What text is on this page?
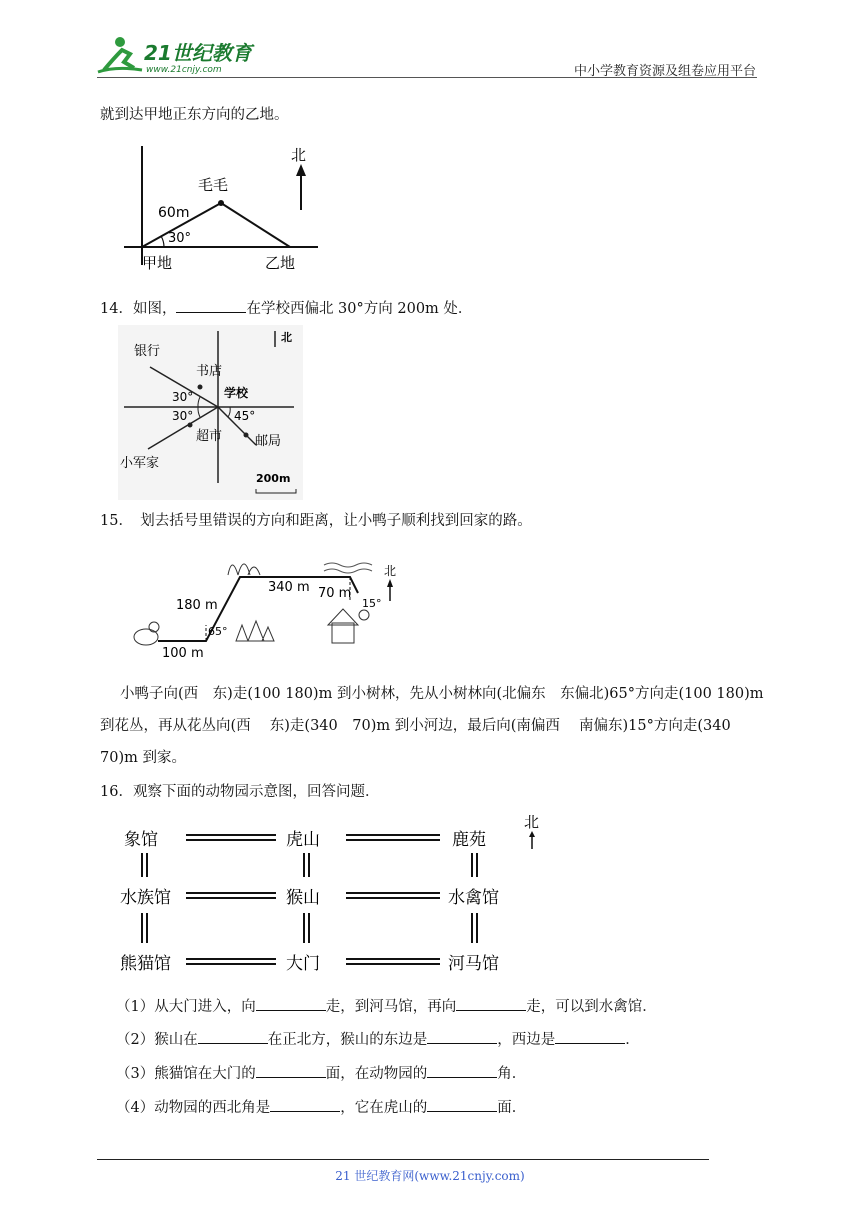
21世纪教育
www.21cnjy.com	中小学教育资源及组卷应用平台
就到达甲地正东方向的乙地。
北
毛毛
60m
30°
甲地	乙地
14．如图，	在学校西偏北 30°方向 200m 处．
北
银行
书店
学校
30°
30°	45°
超市	邮局
小军家
200m
15．　划去括号里错误的方向和距离，让小鸭子顺利找到回家的路。
北
100 m
180 m
340 m 70 m
65°
15°
小鸭子向(西　东)走(100 180)m 到小树林，先从小树林向(北偏东　东偏北)65°方向走(100 180)m
到花丛，再从花丛向(西　 东)走(340　70)m 到小河边，最后向(南偏西　 南偏东)15°方向走(340
70)m 到家。
16．观察下面的动物园示意图，回答问题．
北
象馆	虎山	鹿苑
水族馆	猴山	水禽馆
熊猫馆	大门	河马馆
（1）从大门进入，向	走，到河马馆，再向	走，可以到水禽馆．
（2）猴山在	在正北方，猴山的东边是	，西边是	．
（3）熊猫馆在大门的	面，在动物园的	角．
（4）动物园的西北角是	，它在虎山的	面．
21 世纪教育网(www.21cnjy.com)
